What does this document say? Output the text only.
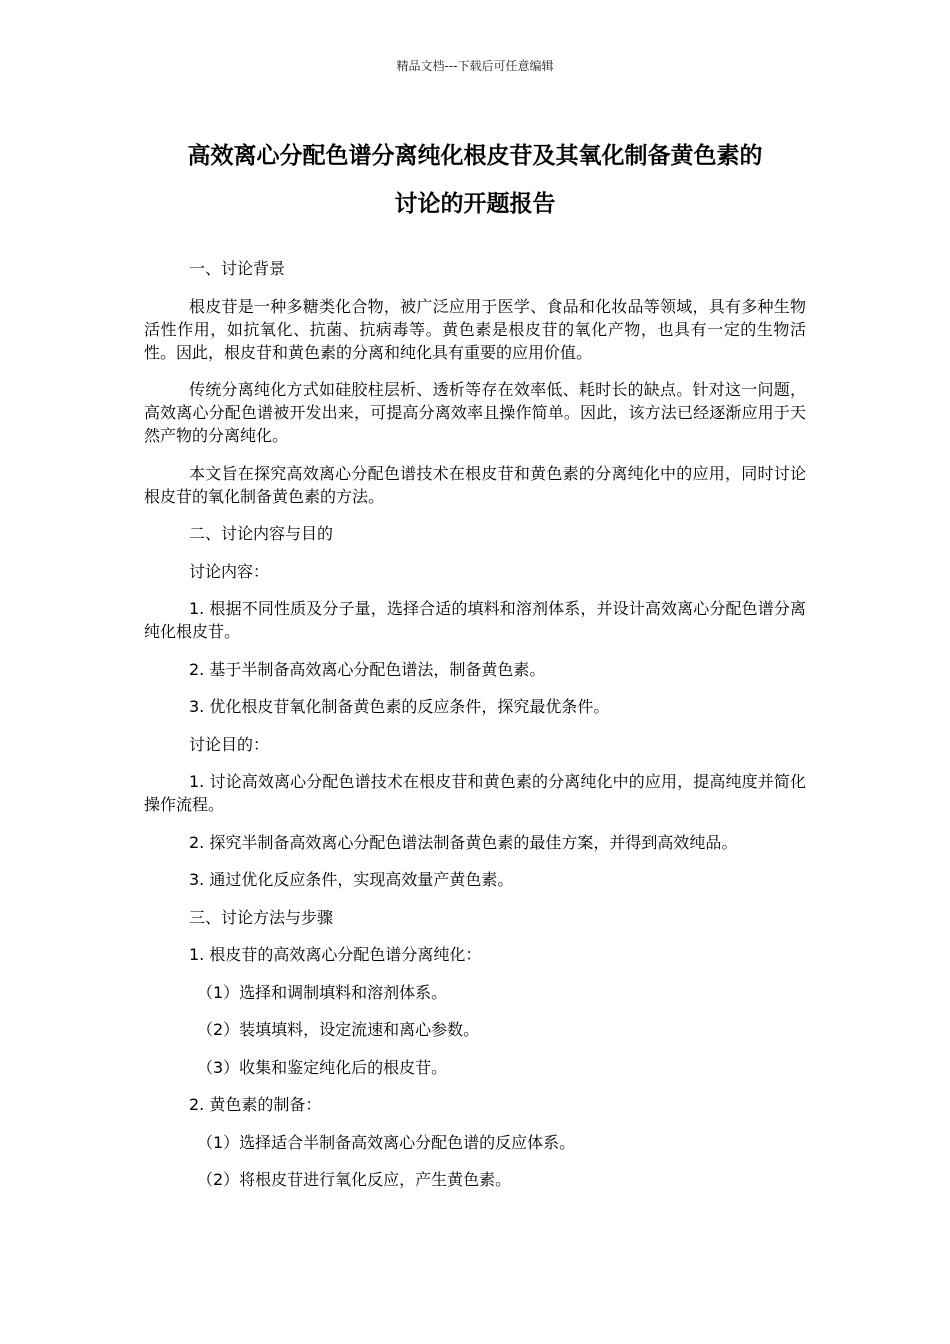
精品文档---下载后可任意编辑
高效离心分配色谱分离纯化根皮苷及其氧化制备黄色素的
讨论的开题报告

一、讨论背景

根皮苷是一种多糖类化合物，被广泛应用于医学、食品和化妆品等领域，具有多种生物活性作用，如抗氧化、抗菌、抗病毒等。黄色素是根皮苷的氧化产物，也具有一定的生物活性。因此，根皮苷和黄色素的分离和纯化具有重要的应用价值。

传统分离纯化方式如硅胶柱层析、透析等存在效率低、耗时长的缺点。针对这一问题，高效离心分配色谱被开发出来，可提高分离效率且操作简单。因此，该方法已经逐渐应用于天然产物的分离纯化。

本文旨在探究高效离心分配色谱技术在根皮苷和黄色素的分离纯化中的应用，同时讨论根皮苷的氧化制备黄色素的方法。

二、讨论内容与目的

讨论内容：

1. 根据不同性质及分子量，选择合适的填料和溶剂体系，并设计高效离心分配色谱分离纯化根皮苷。

2. 基于半制备高效离心分配色谱法，制备黄色素。

3. 优化根皮苷氧化制备黄色素的反应条件，探究最优条件。

讨论目的：

1. 讨论高效离心分配色谱技术在根皮苷和黄色素的分离纯化中的应用，提高纯度并简化操作流程。

2. 探究半制备高效离心分配色谱法制备黄色素的最佳方案，并得到高效纯品。

3. 通过优化反应条件，实现高效量产黄色素。

三、讨论方法与步骤

1. 根皮苷的高效离心分配色谱分离纯化：

（1）选择和调制填料和溶剂体系。

（2）装填填料，设定流速和离心参数。

（3）收集和鉴定纯化后的根皮苷。

2. 黄色素的制备：

（1）选择适合半制备高效离心分配色谱的反应体系。

（2）将根皮苷进行氧化反应，产生黄色素。
